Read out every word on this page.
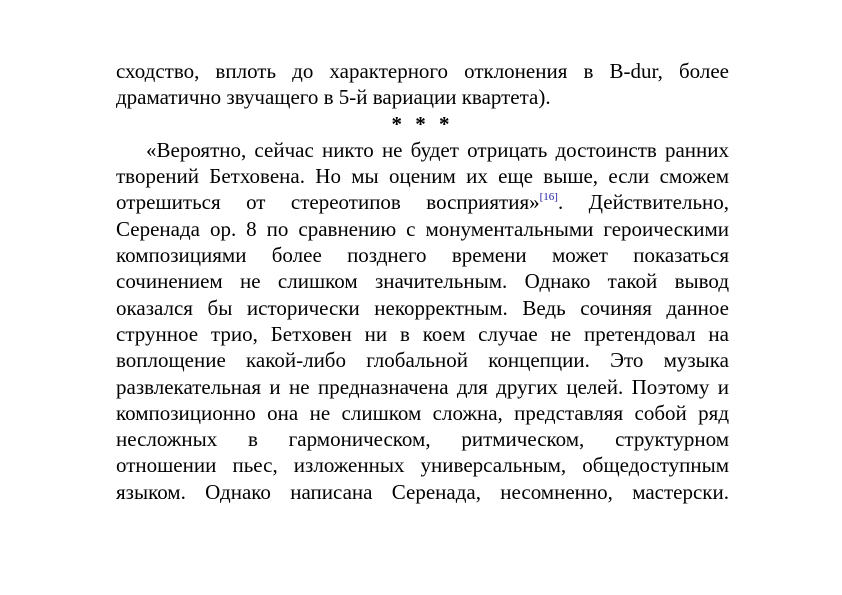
сходство, вплоть до характерного отклонения в B-dur, более
драматично звучащего в 5-й вариации квартета).
* * *
«Вероятно, сейчас никто не будет отрицать достоинств ранних
творений Бетховена. Но мы оценим их еще выше, если сможем
отрешиться от стереотипов восприятия»[16]. Действительно,
Серенада ор. 8 по сравнению с монументальными героическими
композициями более позднего времени может показаться
сочинением не слишком значительным. Однако такой вывод
оказался бы исторически некорректным. Ведь сочиняя данное
струнное трио, Бетховен ни в коем случае не претендовал на
воплощение какой-либо глобальной концепции. Это музыка
развлекательная и не предназначена для других целей. Поэтому и
композиционно она не слишком сложна, представляя собой ряд
несложных в гармоническом, ритмическом, структурном
отношении пьес, изложенных универсальным, общедоступным
языком. Однако написана Серенада, несомненно, мастерски.
